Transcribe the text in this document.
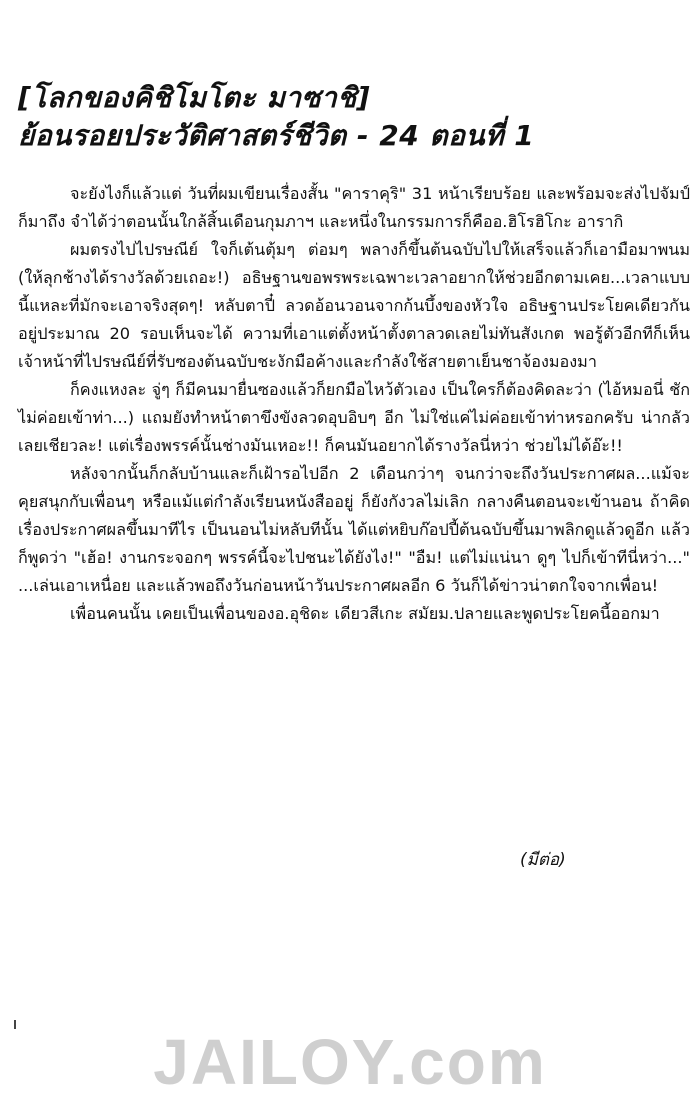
[โลกของคิชิโมโตะ มาซาชิ]
ย้อนรอยประวัติศาสตร์ชีวิต - 24 ตอนที่ 1

จะยังไงก็แล้วแต่ วันที่ผมเขียนเรื่องสั้น "คาราคุริ" 31 หน้าเรียบร้อย และพร้อมจะส่งไปจัมป์ก็มาถึง จำได้ว่าตอนนั้นใกล้สิ้นเดือนกุมภาฯ และหนึ่งในกรรมการก็คืออ.ฮิโรฮิโกะ อารากิ

ผมตรงไปไปรษณีย์ ใจก็เต้นตุ้มๆ ต่อมๆ พลางก็ขึ้นต้นฉบับไปให้เสร็จแล้วก็เอามือมาพนม (ให้ลุกช้างได้รางวัลด้วยเถอะ!) อธิษฐานขอพรพระเฉพาะเวลาอยากให้ช่วยอีกตามเคย...เวลาแบบนี้แหละที่มักจะเอาจริงสุดๆ! หลับตาปี๋ ลวดอ้อนวอนจากก้นบึ้งของหัวใจ อธิษฐานประโยคเดียวกันอยู่ประมาณ 20 รอบเห็นจะได้ ความที่เอาแต่ตั้งหน้าตั้งตาลวดเลยไม่ทันสังเกต พอรู้ตัวอีกทีก็เห็นเจ้าหน้าที่ไปรษณีย์ที่รับซองต้นฉบับชะงักมือค้างและกำลังใช้สายตาเย็นชาจ้องมองมา

ก็คงแหงละ จู่ๆ ก็มีคนมายื่นซองแล้วก็ยกมือไหว้ตัวเอง เป็นใครก็ต้องคิดละว่า (ไอ้หมอนี่ ชักไม่ค่อยเข้าท่า...) แถมยังทำหน้าตาขึงขังลวดอุบอิบๆ อีก ไม่ใช่แค่ไม่ค่อยเข้าท่าหรอกครับ น่ากลัวเลยเชียวละ! แต่เรื่องพรรค์นั้นช่างมันเหอะ!! ก็คนมันอยากได้รางวัลนี่หว่า ช่วยไม่ได้อ๊ะ!!

หลังจากนั้นก็กลับบ้านและก็เฝ้ารอไปอีก 2 เดือนกว่าๆ จนกว่าจะถึงวันประกาศผล...แม้จะคุยสนุกกับเพื่อนๆ หรือแม้แต่กำลังเรียนหนังสืออยู่ ก็ยังกังวลไม่เลิก กลางคืนตอนจะเข้านอน ถ้าคิดเรื่องประกาศผลขึ้นมาทีไร เป็นนอนไม่หลับทีนั้น ได้แต่หยิบก๊อปปี้ต้นฉบับขึ้นมาพลิกดูแล้วดูอีก แล้วก็พูดว่า "เฮ้อ! งานกระจอกๆ พรรค์นี้จะไปชนะได้ยังไง!" "อืม! แต่ไม่แน่นา ดูๆ ไปก็เข้าทีนี่หว่า..." ...เล่นเอาเหนื่อย และแล้วพอถึงวันก่อนหน้าวันประกาศผลอีก 6 วันก็ได้ข่าวน่าตกใจจากเพื่อน!

เพื่อนคนนั้น เคยเป็นเพื่อนของอ.อุชิดะ เดียวสีเกะ สมัยม.ปลายและพูดประโยคนี้ออกมา

(มีต่อ)
JAILOY.com
